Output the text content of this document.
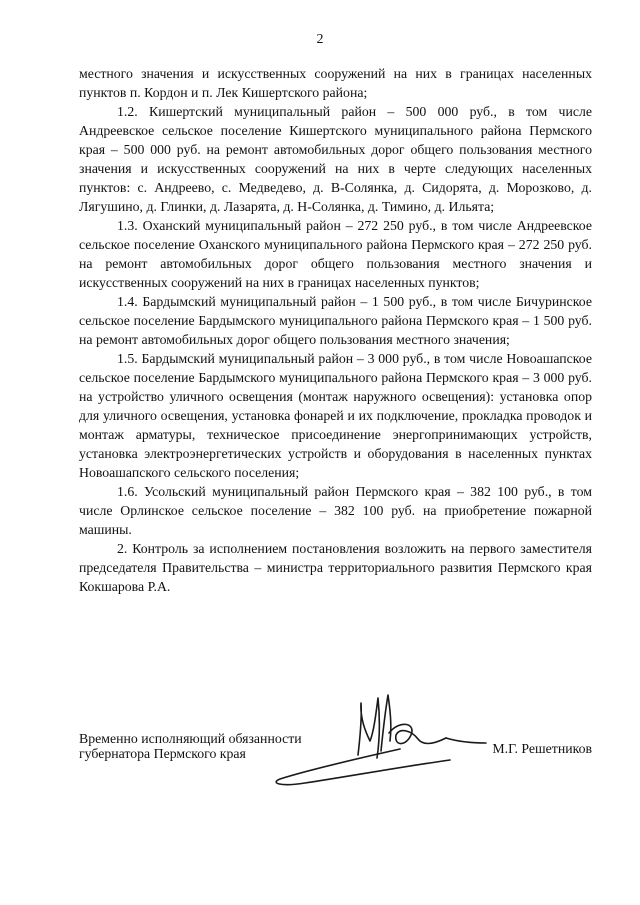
2

местного значения и искусственных сооружений на них в границах населенных пунктов п. Кордон и п. Лек Кишертского района;

1.2. Кишертский муниципальный район – 500 000 руб., в том числе Андреевское сельское поселение Кишертского муниципального района Пермского края – 500 000 руб. на ремонт автомобильных дорог общего пользования местного значения и искусственных сооружений на них в черте следующих населенных пунктов: с. Андреево, с. Медведево, д. В-Солянка, д. Сидорята, д. Морозково, д. Лягушино, д. Глинки, д. Лазарята, д. Н-Солянка, д. Тимино, д. Ильята;

1.3. Оханский муниципальный район – 272 250 руб., в том числе Андреевское сельское поселение Оханского муниципального района Пермского края – 272 250 руб. на ремонт автомобильных дорог общего пользования местного значения и искусственных сооружений на них в границах населенных пунктов;

1.4. Бардымский муниципальный район – 1 500 руб., в том числе Бичуринское сельское поселение Бардымского муниципального района Пермского края – 1 500 руб. на ремонт автомобильных дорог общего пользования местного значения;

1.5. Бардымский муниципальный район – 3 000 руб., в том числе Новоашапское сельское поселение Бардымского муниципального района Пермского края – 3 000 руб. на устройство уличного освещения (монтаж наружного освещения): установка опор для уличного освещения, установка фонарей и их подключение, прокладка проводок и монтаж арматуры, техническое присоединение энергопринимающих устройств, установка электроэнергетических устройств и оборудования в населенных пунктах Новоашапского сельского поселения;

1.6. Усольский муниципальный район Пермского края – 382 100 руб., в том числе Орлинское сельское поселение – 382 100 руб. на приобретение пожарной машины.

2. Контроль за исполнением постановления возложить на первого заместителя председателя Правительства – министра территориального развития Пермского края Кокшарова Р.А.

Временно исполняющий обязанности
губернатора Пермского края	М.Г. Решетников
